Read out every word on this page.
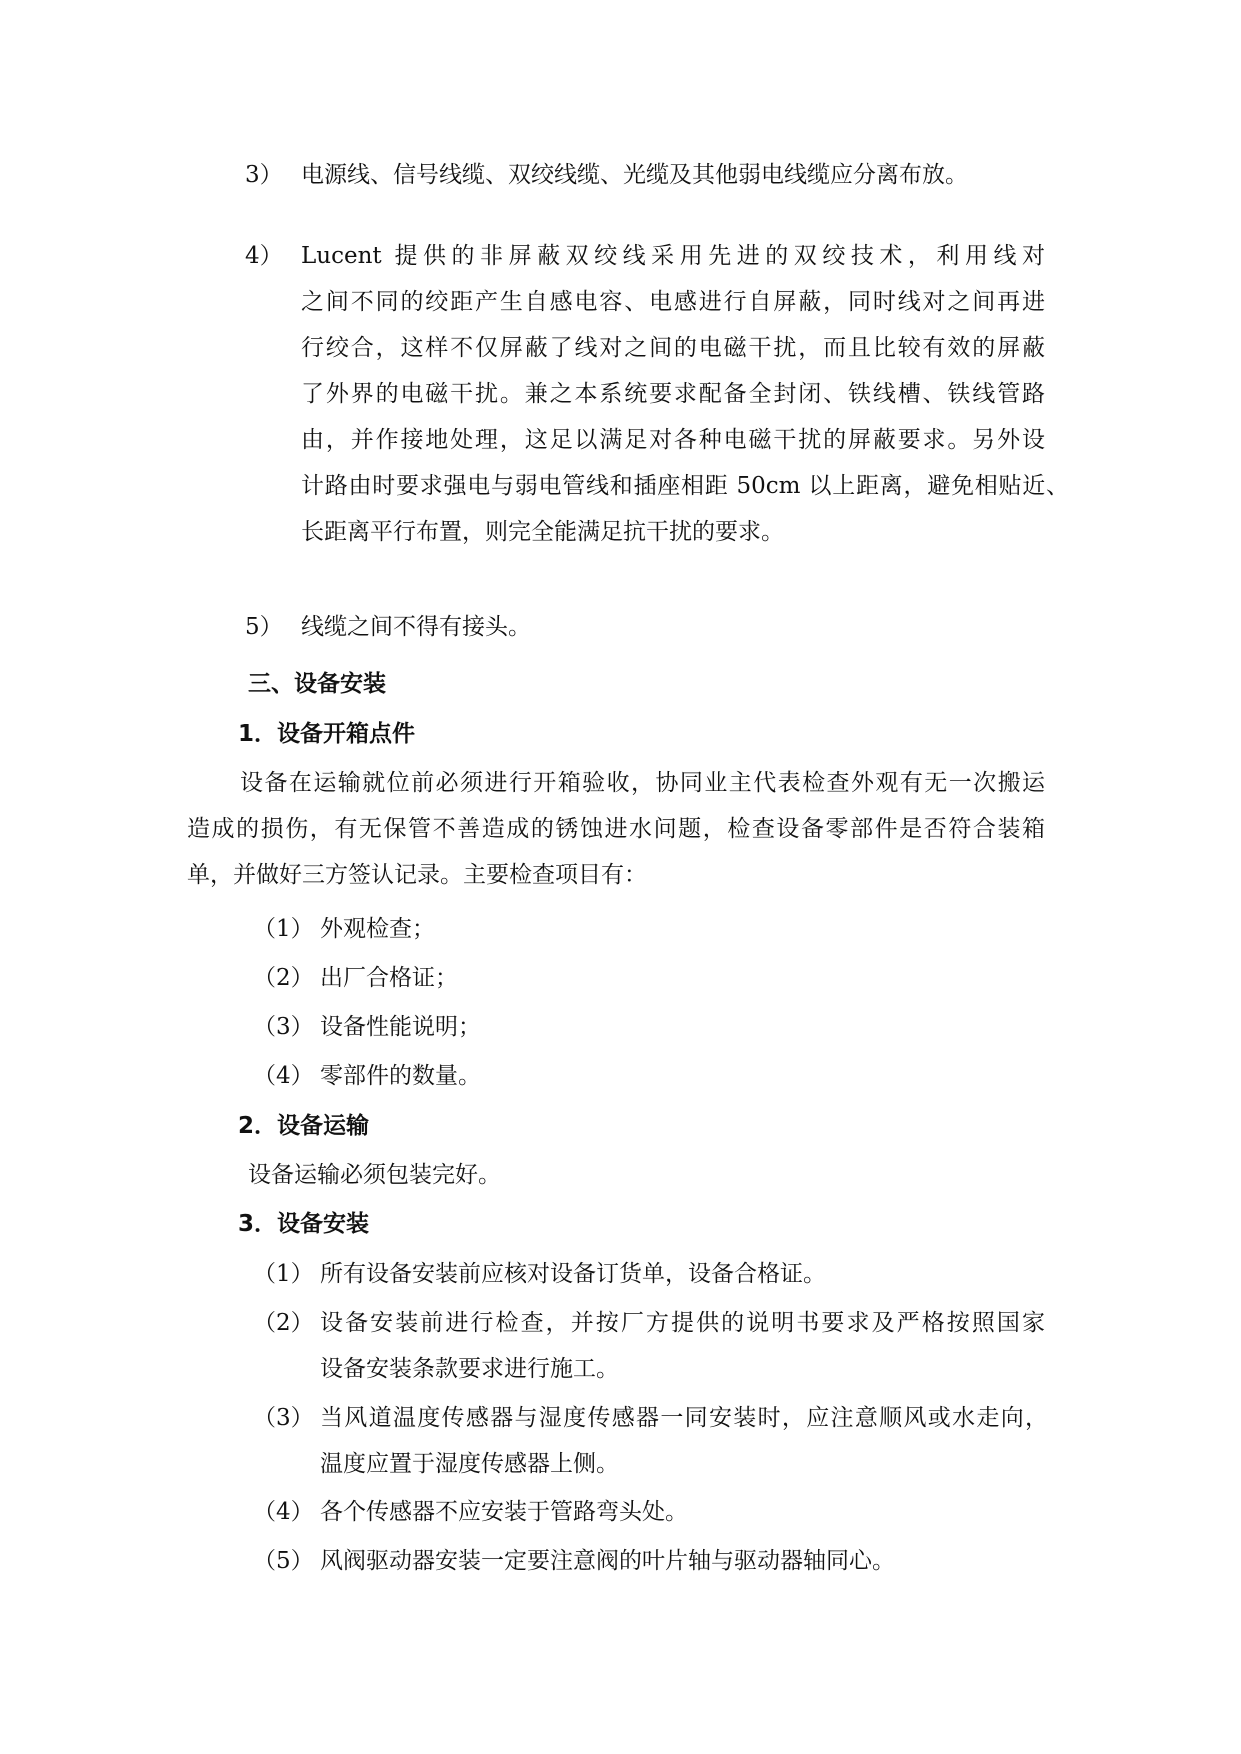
3） 电源线、信号线缆、双绞线缆、光缆及其他弱电线缆应分离布放。
4） Lucent 提供的非屏蔽双绞线采用先进的双绞技术，利用线对
之间不同的绞距产生自感电容、电感进行自屏蔽，同时线对之间再进
行绞合，这样不仅屏蔽了线对之间的电磁干扰，而且比较有效的屏蔽
了外界的电磁干扰。兼之本系统要求配备全封闭、铁线槽、铁线管路
由，并作接地处理，这足以满足对各种电磁干扰的屏蔽要求。另外设
计路由时要求强电与弱电管线和插座相距 50cm 以上距离，避免相贴近、
长距离平行布置，则完全能满足抗干扰的要求。
5） 线缆之间不得有接头。
三、设备安装
1．设备开箱点件
设备在运输就位前必须进行开箱验收，协同业主代表检查外观有无一次搬运
造成的损伤，有无保管不善造成的锈蚀进水问题，检查设备零部件是否符合装箱
单，并做好三方签认记录。主要检查项目有：
（1） 外观检查；
（2） 出厂合格证；
（3） 设备性能说明；
（4） 零部件的数量。
2．设备运输
设备运输必须包装完好。
3．设备安装
（1） 所有设备安装前应核对设备订货单，设备合格证。
（2） 设备安装前进行检查，并按厂方提供的说明书要求及严格按照国家
设备安装条款要求进行施工。
（3） 当风道温度传感器与湿度传感器一同安装时，应注意顺风或水走向，
温度应置于湿度传感器上侧。
（4） 各个传感器不应安装于管路弯头处。
（5） 风阀驱动器安装一定要注意阀的叶片轴与驱动器轴同心。
